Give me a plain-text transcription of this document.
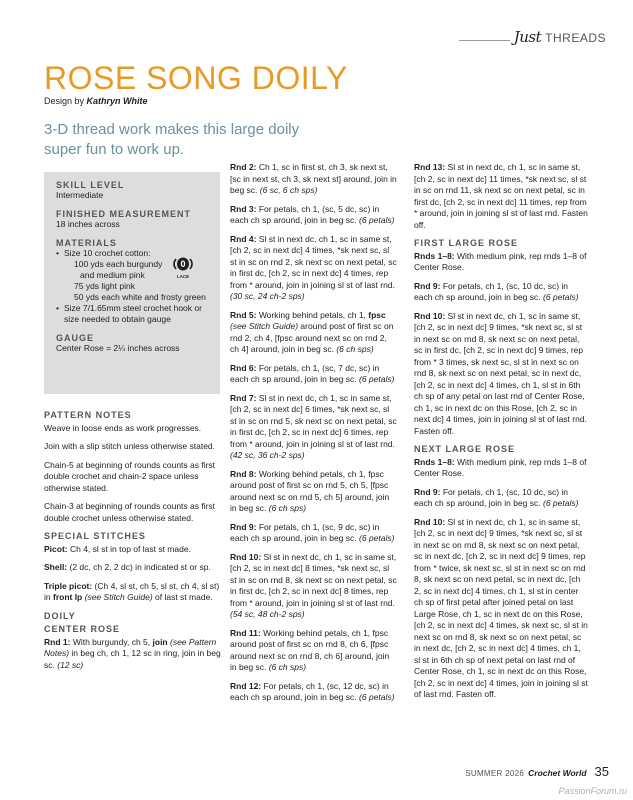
Just THREADS
ROSE SONG DOILY
Design by Kathryn White
3-D thread work makes this large doily super fun to work up.
SKILL LEVEL
Intermediate
FINISHED MEASUREMENT
18 inches across
MATERIALS
• Size 10 crochet cotton:
100 yds each burgundy
and medium pink
75 yds light pink
50 yds each white and frosty green
• Size 7/1.65mm steel crochet hook or size needed to obtain gauge
GAUGE
Center Rose = 2¼ inches across
0
LACE
PATTERN NOTES

Weave in loose ends as work progresses.

Join with a slip stitch unless otherwise stated.

Chain-5 at beginning of rounds counts as first double crochet and chain-2 space unless otherwise stated.

Chain-3 at beginning of rounds counts as first double crochet unless otherwise stated.

SPECIAL STITCHES

Picot: Ch 4, sl st in top of last st made.

Shell: (2 dc, ch 2, 2 dc) in indicated st or sp.

Triple picot: (Ch 4, sl st, ch 5, sl st, ch 4, sl st) in front lp (see Stitch Guide) of last st made.

DOILY
CENTER ROSE

Rnd 1: With burgundy, ch 5, join (see Pattern Notes) in beg ch, ch 1, 12 sc in ring, join in beg sc. (12 sc)

Rnd 2: Ch 1, sc in first st, ch 3, sk next st, [sc in next st, ch 3, sk next st] around, join in beg sc. (6 sc, 6 ch sps)

Rnd 3: For petals, ch 1, (sc, 5 dc, sc) in each ch sp around, join in beg sc. (6 petals)

Rnd 4: Sl st in next dc, ch 1, sc in same st, [ch 2, sc in next dc] 4 times, *sk next sc, sl st in sc on rnd 2, sk next sc on next petal, sc in first dc, [ch 2, sc in next dc] 4 times, rep from * around, join in joining sl st of last rnd. (30 sc, 24 ch-2 sps)

Rnd 5: Working behind petals, ch 1, fpsc (see Stitch Guide) around post of first sc on rnd 2, ch 4, [fpsc around next sc on rnd 2, ch 4] around, join in beg sc. (6 ch sps)

Rnd 6: For petals, ch 1, (sc, 7 dc, sc) in each ch sp around, join in beg sc. (6 petals)

Rnd 7: Sl st in next dc, ch 1, sc in same st, [ch 2, sc in next dc] 6 times, *sk next sc, sl st in sc on rnd 5, sk next sc on next petal, sc in first dc, [ch 2, sc in next dc] 6 times, rep from * around, join in joining sl st of last rnd. (42 sc, 36 ch-2 sps)

Rnd 8: Working behind petals, ch 1, fpsc around post of first sc on rnd 5, ch 5, [fpsc around next sc on rnd 5, ch 5] around, join in beg sc. (6 ch sps)

Rnd 9: For petals, ch 1, (sc, 9 dc, sc) in each ch sp around, join in beg sc. (6 petals)

Rnd 10: Sl st in next dc, ch 1, sc in same st, [ch 2, sc in next dc] 8 times, *sk next sc, sl st in sc on rnd 8, sk next sc on next petal, sc in first dc, [ch 2, sc in next dc] 8 times, rep from * around, join in joining sl st of last rnd. (54 sc, 48 ch-2 sps)

Rnd 11: Working behind petals, ch 1, fpsc around post of first sc on rnd 8, ch 6, [fpsc around next sc on rnd 8, ch 6] around, join in beg sc. (6 ch sps)

Rnd 12: For petals, ch 1, (sc, 12 dc, sc) in each ch sp around, join in beg sc. (6 petals)

Rnd 13: Sl st in next dc, ch 1, sc in same st, [ch 2, sc in next dc] 11 times, *sk next sc, sl st in sc on rnd 11, sk next sc on next petal, sc in first dc, [ch 2, sc in next dc] 11 times, rep from * around, join in joining sl st of last rnd. Fasten off.

FIRST LARGE ROSE

Rnds 1–8: With medium pink, rep rnds 1–8 of Center Rose.

Rnd 9: For petals, ch 1, (sc, 10 dc, sc) in each ch sp around, join in beg sc. (6 petals)

Rnd 10: Sl st in next dc, ch 1, sc in same st, [ch 2, sc in next dc] 9 times, *sk next sc, sl st in next sc on rnd 8, sk next sc on next petal, sc in first dc, [ch 2, sc in next dc] 9 times, rep from * 3 times, sk next sc, sl st in next sc on rnd 8, sk next sc on next petal, sc in next dc, [ch 2, sc in next dc] 4 times, ch 1, sl st in 6th ch sp of any petal on last rnd of Center Rose, ch 1, sc in next dc on this Rose, [ch 2, sc in next dc] 4 times, join in joining sl st of last rnd. Fasten off.

NEXT LARGE ROSE

Rnds 1–8: With medium pink, rep rnds 1–8 of Center Rose.

Rnd 9: For petals, ch 1, (sc, 10 dc, sc) in each ch sp around, join in beg sc. (6 petals)

Rnd 10: Sl st in next dc, ch 1, sc in same st, [ch 2, sc in next dc] 9 times, *sk next sc, sl st in next sc on rnd 8, sk next sc on next petal, sc in next dc, [ch 2, sc in next dc] 9 times, rep from * twice, sk next sc, sl st in next sc on rnd 8, sk next sc on next petal, sc in next dc, [ch 2, sc in next dc] 4 times, ch 1, sl st in center ch sp of first petal after joined petal on last Large Rose, ch 1, sc in next dc on this Rose, [ch 2, sc in next dc] 4 times, sk next sc, sl st in next sc on rnd 8, sk next sc on next petal, sc in next dc, [ch 2, sc in next dc] 4 times, ch 1, sl st in 6th ch sp of next petal on last rnd of Center Rose, ch 1, sc in next dc on this Rose, [ch 2, sc in next dc] 4 times, join in joining sl st of last rnd. Fasten off.

SUMMER 2026 Crochet World 35
PassionForum.ru
